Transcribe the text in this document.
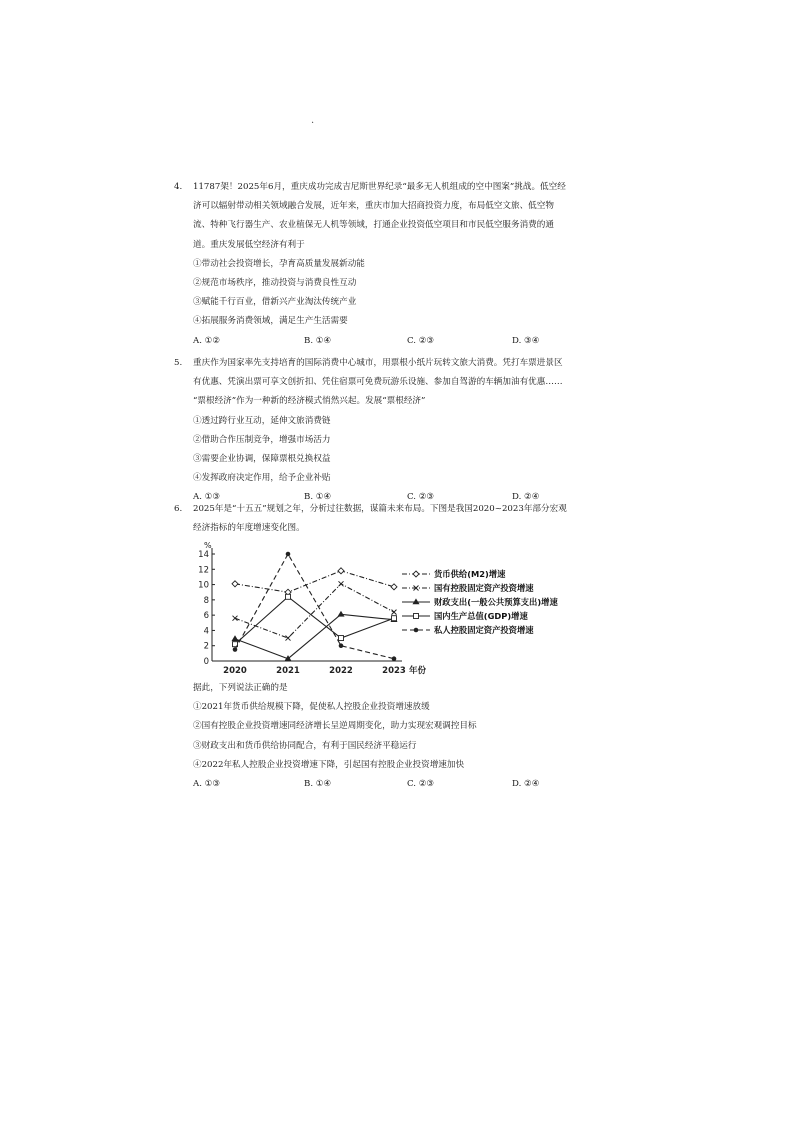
·
4. 11787架！2025年6月，重庆成功完成吉尼斯世界纪录“最多无人机组成的空中图案”挑战。低空经
济可以辐射带动相关领域融合发展，近年来，重庆市加大招商投资力度，布局低空文旅、低空物
流、特种飞行器生产、农业植保无人机等领域，打通企业投资低空项目和市民低空服务消费的通
道。重庆发展低空经济有利于
①带动社会投资增长，孕育高质量发展新动能
②规范市场秩序，推动投资与消费良性互动
③赋能千行百业，借新兴产业淘汰传统产业
④拓展服务消费领域，满足生产生活需要
A. ①②	B. ①④	C. ②③	D. ③④
5. 重庆作为国家率先支持培育的国际消费中心城市，用票根小纸片玩转文旅大消费。凭打车票进景区
有优惠、凭演出票可享文创折扣、凭住宿票可免费玩游乐设施、参加自驾游的车辆加油有优惠……
“票根经济”作为一种新的经济模式悄然兴起。发展“票根经济”
①透过跨行业互动，延伸文旅消费链
②借助合作压制竞争，增强市场活力
③需要企业协调，保障票根兑换权益
④发挥政府决定作用，给予企业补贴
A. ①③	B. ①④	C. ②③	D. ②④
6. 2025年是“十五五”规划之年，分析过往数据，谋篇未来布局。下图是我国2020~2023年部分宏观
经济指标的年度增速变化图。
%
0
2
4
6
8
10
12
14
2020	2021	2022	2023 年份
货币供给(M2)增速
国有控股固定资产投资增速
财政支出(一般公共预算支出)增速
国内生产总值(GDP)增速
私人控股固定资产投资增速
据此，下列说法正确的是
①2021年货币供给规模下降，促使私人控股企业投资增速放缓
②国有控股企业投资增速同经济增长呈逆周期变化，助力实现宏观调控目标
③财政支出和货币供给协同配合，有利于国民经济平稳运行
④2022年私人控股企业投资增速下降，引起国有控股企业投资增速加快
A. ①③	B. ①④	C. ②③	D. ②④
